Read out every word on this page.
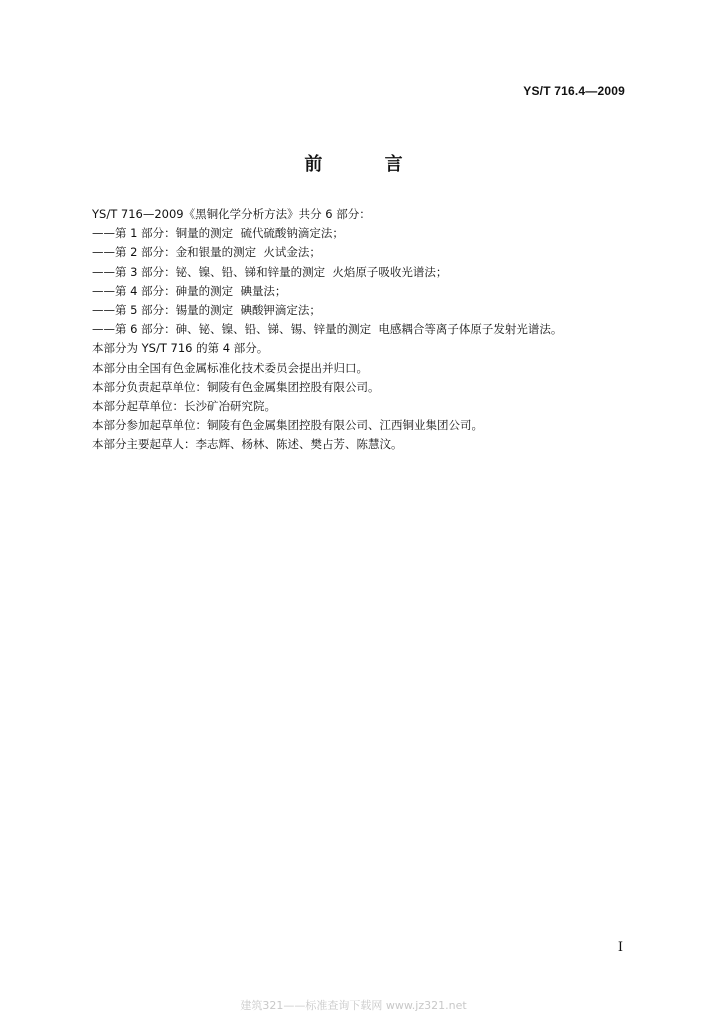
YS/T 716.4—2009
前 言
YS/T 716—2009《黑铜化学分析方法》共分 6 部分：
——第 1 部分：铜量的测定  硫代硫酸钠滴定法；
——第 2 部分：金和银量的测定  火试金法；
——第 3 部分：铋、镍、铅、锑和锌量的测定  火焰原子吸收光谱法；
——第 4 部分：砷量的测定  碘量法；
——第 5 部分：锡量的测定  碘酸钾滴定法；
——第 6 部分：砷、铋、镍、铅、锑、锡、锌量的测定  电感耦合等离子体原子发射光谱法。
本部分为 YS/T 716 的第 4 部分。
本部分由全国有色金属标准化技术委员会提出并归口。
本部分负责起草单位：铜陵有色金属集团控股有限公司。
本部分起草单位：长沙矿冶研究院。
本部分参加起草单位：铜陵有色金属集团控股有限公司、江西铜业集团公司。
本部分主要起草人：李志辉、杨林、陈述、樊占芳、陈慧汶。
I
建筑321——标准查询下载网 www.jz321.net
